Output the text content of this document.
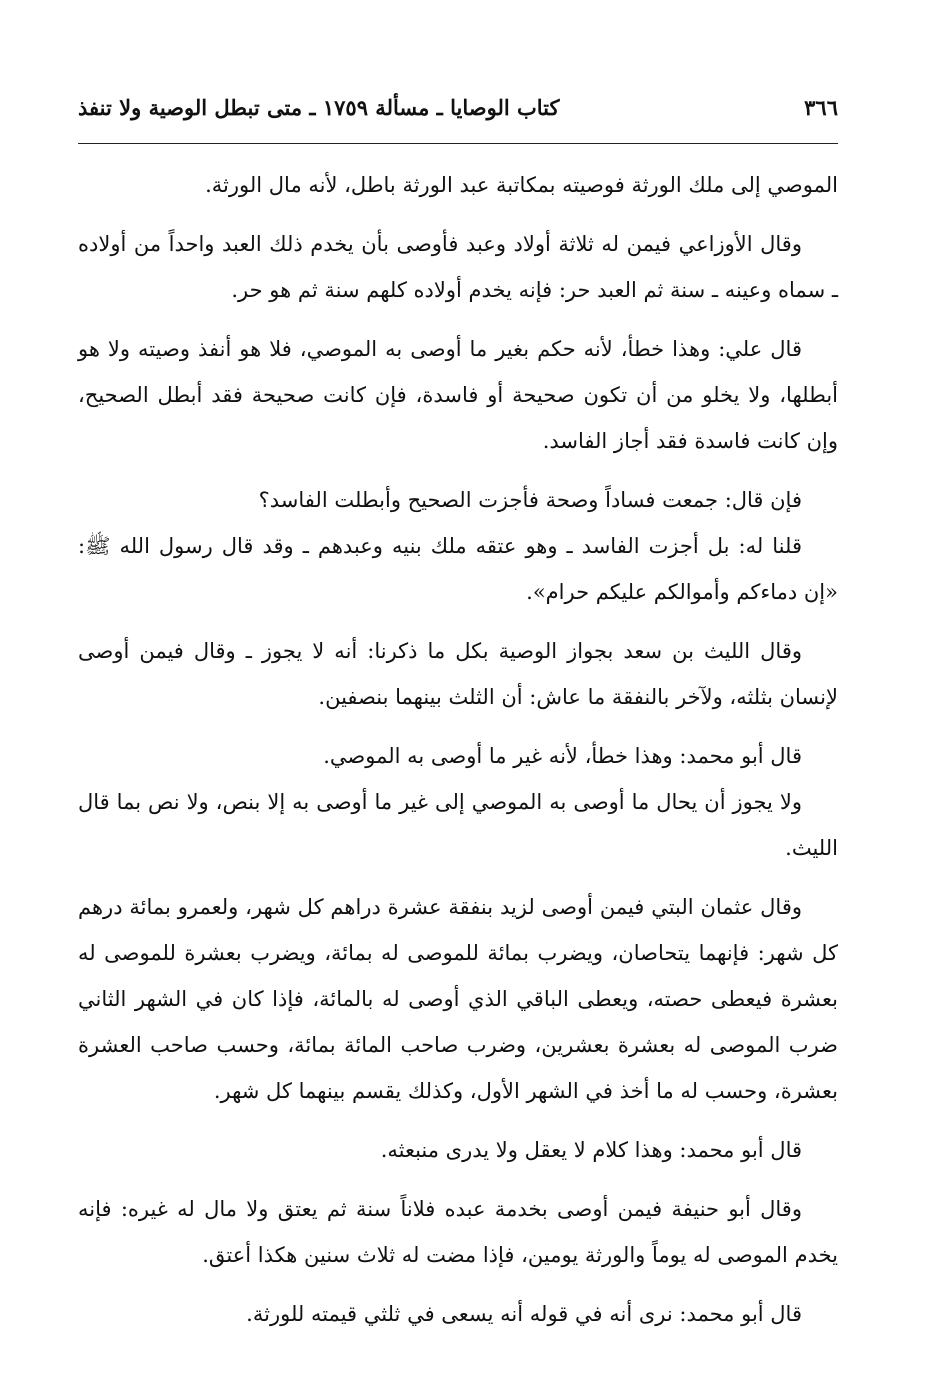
٣٦٦
كتاب الوصايا ـ مسألة ١٧٥٩ ـ متى تبطل الوصية ولا تنفذ

الموصي إلى ملك الورثة فوصيته بمكاتبة عبد الورثة باطل، لأنه مال الورثة.

وقال الأوزاعي فيمن له ثلاثة أولاد وعبد فأوصى بأن يخدم ذلك العبد واحداً من أولاده ـ سماه وعينه ـ سنة ثم العبد حر: فإنه يخدم أولاده كلهم سنة ثم هو حر.

قال علي: وهذا خطأ، لأنه حكم بغير ما أوصى به الموصي، فلا هو أنفذ وصيته ولا هو أبطلها، ولا يخلو من أن تكون صحيحة أو فاسدة، فإن كانت صحيحة فقد أبطل الصحيح، وإن كانت فاسدة فقد أجاز الفاسد.

فإن قال: جمعت فساداً وصحة فأجزت الصحيح وأبطلت الفاسد؟

قلنا له: بل أجزت الفاسد ـ وهو عتقه ملك بنيه وعبدهم ـ وقد قال رسول الله ﷺ: «إن دماءكم وأموالكم عليكم حرام».

وقال الليث بن سعد بجواز الوصية بكل ما ذكرنا: أنه لا يجوز ـ وقال فيمن أوصى لإنسان بثلثه، ولآخر بالنفقة ما عاش: أن الثلث بينهما بنصفين.

قال أبو محمد: وهذا خطأ، لأنه غير ما أوصى به الموصي.

ولا يجوز أن يحال ما أوصى به الموصي إلى غير ما أوصى به إلا بنص، ولا نص بما قال الليث.

وقال عثمان البتي فيمن أوصى لزيد بنفقة عشرة دراهم كل شهر، ولعمرو بمائة درهم كل شهر: فإنهما يتحاصان، ويضرب بمائة للموصى له بمائة، ويضرب بعشرة للموصى له بعشرة فيعطى حصته، ويعطى الباقي الذي أوصى له بالمائة، فإذا كان في الشهر الثاني ضرب الموصى له بعشرة بعشرين، وضرب صاحب المائة بمائة، وحسب صاحب العشرة بعشرة، وحسب له ما أخذ في الشهر الأول، وكذلك يقسم بينهما كل شهر.

قال أبو محمد: وهذا كلام لا يعقل ولا يدرى منبعثه.

وقال أبو حنيفة فيمن أوصى بخدمة عبده فلاناً سنة ثم يعتق ولا مال له غيره: فإنه يخدم الموصى له يوماً والورثة يومين، فإذا مضت له ثلاث سنين هكذا أعتق.

قال أبو محمد: نرى أنه في قوله أنه يسعى في ثلثي قيمته للورثة.
